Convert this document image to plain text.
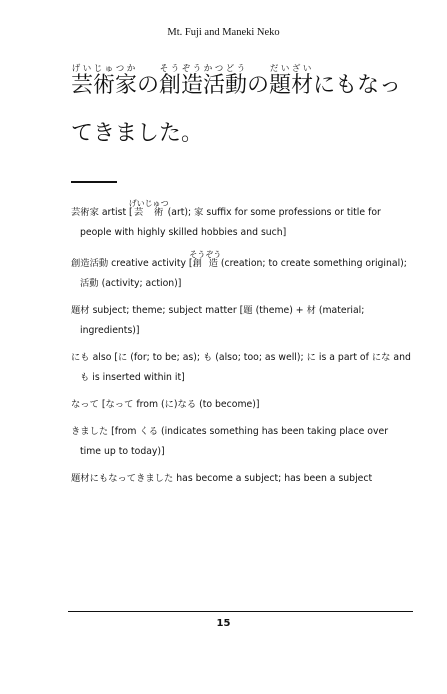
Mt. Fuji and Maneki Neko
芸術家げいじゅつかの創造活動そうぞうかつどうの題材だいざいにもなってきました。
芸術家 artist [芸術げいじゅつ (art); 家 suffix for some professions or title for people with highly skilled hobbies and such]
創造活動 creative activity [創造そうぞう (creation; to create something original); 活動 (activity; action)]
題材 subject; theme; subject matter [題 (theme) + 材 (material; ingredients)]
にも also [に (for; to be; as); も (also; too; as well); に is a part of にな and も is inserted within it]
なって [なって from (に)なる (to become)]
きました [from くる (indicates something has been taking place over time up to today)]
題材にもなってきました has become a subject; has been a subject
15
